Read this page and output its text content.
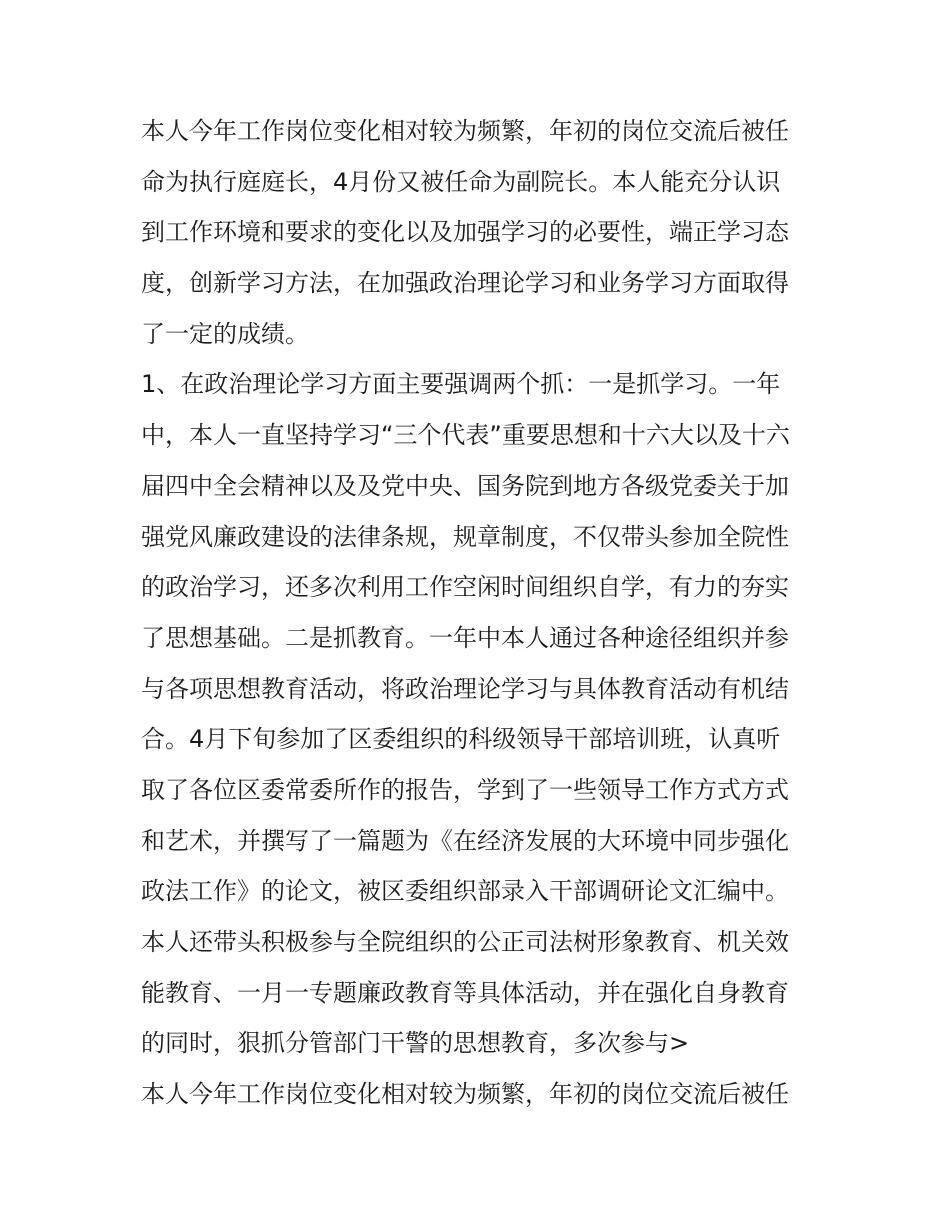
本人今年工作岗位变化相对较为频繁，年初的岗位交流后被任
命为执行庭庭长，4月份又被任命为副院长。本人能充分认识
到工作环境和要求的变化以及加强学习的必要性，端正学习态
度，创新学习方法，在加强政治理论学习和业务学习方面取得
了一定的成绩。
1、在政治理论学习方面主要强调两个抓：一是抓学习。一年
中，本人一直坚持学习“三个代表”重要思想和十六大以及十六
届四中全会精神以及及党中央、国务院到地方各级党委关于加
强党风廉政建设的法律条规，规章制度，不仅带头参加全院性
的政治学习，还多次利用工作空闲时间组织自学，有力的夯实
了思想基础。二是抓教育。一年中本人通过各种途径组织并参
与各项思想教育活动，将政治理论学习与具体教育活动有机结
合。4月下旬参加了区委组织的科级领导干部培训班，认真听
取了各位区委常委所作的报告，学到了一些领导工作方式方式
和艺术，并撰写了一篇题为《在经济发展的大环境中同步强化
政法工作》的论文，被区委组织部录入干部调研论文汇编中。
本人还带头积极参与全院组织的公正司法树形象教育、机关效
能教育、一月一专题廉政教育等具体活动，并在强化自身教育
的同时，狠抓分管部门干警的思想教育，多次参与>
本人今年工作岗位变化相对较为频繁，年初的岗位交流后被任
